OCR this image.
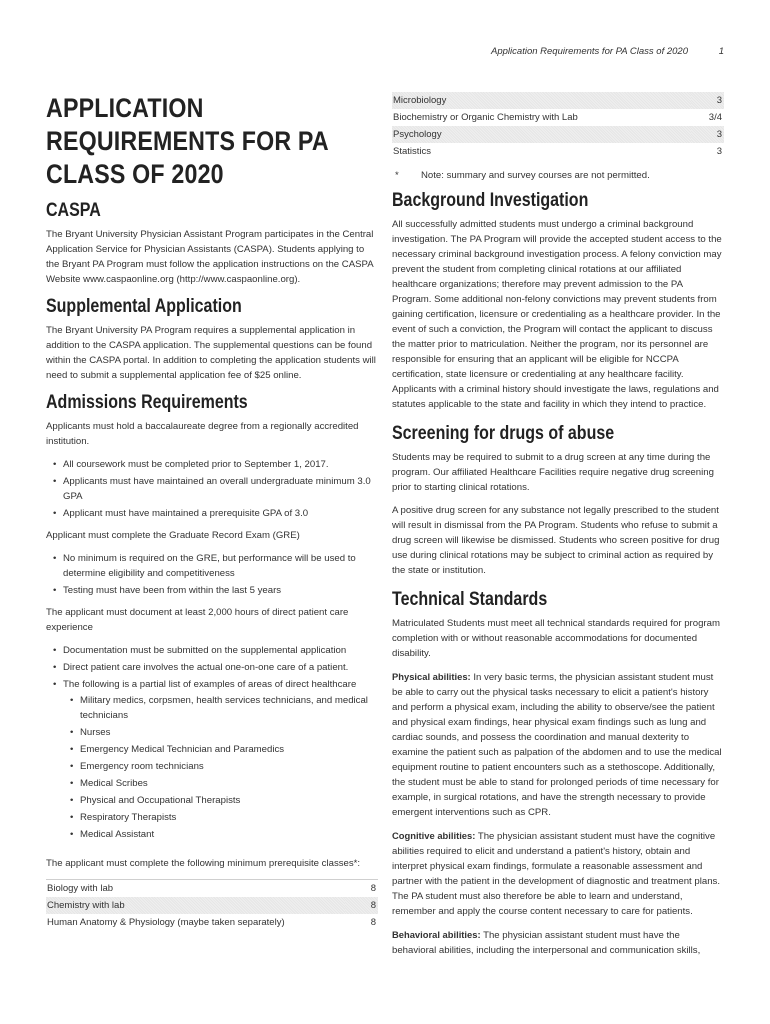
Application Requirements for PA Class of 2020	1
APPLICATION REQUIREMENTS FOR PA CLASS OF 2020
CASPA

The Bryant University Physician Assistant Program participates in the Central Application Service for Physician Assistants (CASPA). Students applying to the Bryant PA Program must follow the application instructions on the CASPA Website www.caspaonline.org (http://www.caspaonline.org).

Supplemental Application

The Bryant University PA Program requires a supplemental application in addition to the CASPA application. The supplemental questions can be found within the CASPA portal. In addition to completing the application students will need to submit a supplemental application fee of $25 online.

Admissions Requirements

Applicants must hold a baccalaureate degree from a regionally accredited institution.

• All coursework must be completed prior to September 1, 2017.
• Applicants must have maintained an overall undergraduate minimum 3.0 GPA
• Applicant must have maintained a prerequisite GPA of 3.0

Applicant must complete the Graduate Record Exam (GRE)

• No minimum is required on the GRE, but performance will be used to determine eligibility and competitiveness
• Testing must have been from within the last 5 years

The applicant must document at least 2,000 hours of direct patient care experience

• Documentation must be submitted on the supplemental application
• Direct patient care involves the actual one-on-one care of a patient.
• The following is a partial list of examples of areas of direct healthcare
• Military medics, corpsmen, health services technicians, and medical technicians
• Nurses
• Emergency Medical Technician and Paramedics
• Emergency room technicians
• Medical Scribes
• Physical and Occupational Therapists
• Respiratory Therapists
• Medical Assistant

The applicant must complete the following minimum prerequisite classes*:

Biology with lab	8
Chemistry with lab	8
Human Anatomy & Physiology (maybe taken separately)	8
Microbiology	3
Biochemistry or Organic Chemistry with Lab	3/4
Psychology	3
Statistics	3
*	Note: summary and survey courses are not permitted.
Background Investigation

All successfully admitted students must undergo a criminal background investigation. The PA Program will provide the accepted student access to the necessary criminal background investigation process. A felony conviction may prevent the student from completing clinical rotations at our affiliated healthcare organizations; therefore may prevent admission to the PA Program. Some additional non-felony convictions may prevent students from gaining certification, licensure or credentialing as a healthcare provider. In the event of such a conviction, the Program will contact the applicant to discuss the matter prior to matriculation. Neither the program, nor its personnel are responsible for ensuring that an applicant will be eligible for NCCPA certification, state licensure or credentialing at any healthcare facility. Applicants with a criminal history should investigate the laws, regulations and statutes applicable to the state and facility in which they intend to practice.

Screening for drugs of abuse

Students may be required to submit to a drug screen at any time during the program. Our affiliated Healthcare Facilities require negative drug screening prior to starting clinical rotations.

A positive drug screen for any substance not legally prescribed to the student will result in dismissal from the PA Program. Students who refuse to submit a drug screen will likewise be dismissed. Students who screen positive for drug use during clinical rotations may be subject to criminal action as required by the state or institution.

Technical Standards

Matriculated Students must meet all technical standards required for program completion with or without reasonable accommodations for documented disability.

Physical abilities: In very basic terms, the physician assistant student must be able to carry out the physical tasks necessary to elicit a patient's history and perform a physical exam, including the ability to observe/see the patient and physical exam findings, hear physical exam findings such as lung and cardiac sounds, and possess the coordination and manual dexterity to examine the patient such as palpation of the abdomen and to use the medical equipment routine to patient encounters such as a stethoscope. Additionally, the student must be able to stand for prolonged periods of time necessary for example, in surgical rotations, and have the strength necessary to provide emergent interventions such as CPR.

Cognitive abilities: The physician assistant student must have the cognitive abilities required to elicit and understand a patient's history, obtain and interpret physical exam findings, formulate a reasonable assessment and partner with the patient in the development of diagnostic and treatment plans. The PA student must also therefore be able to learn and understand, remember and apply the course content necessary to care for patients.

Behavioral abilities: The physician assistant student must have the behavioral abilities, including the interpersonal and communication skills,
